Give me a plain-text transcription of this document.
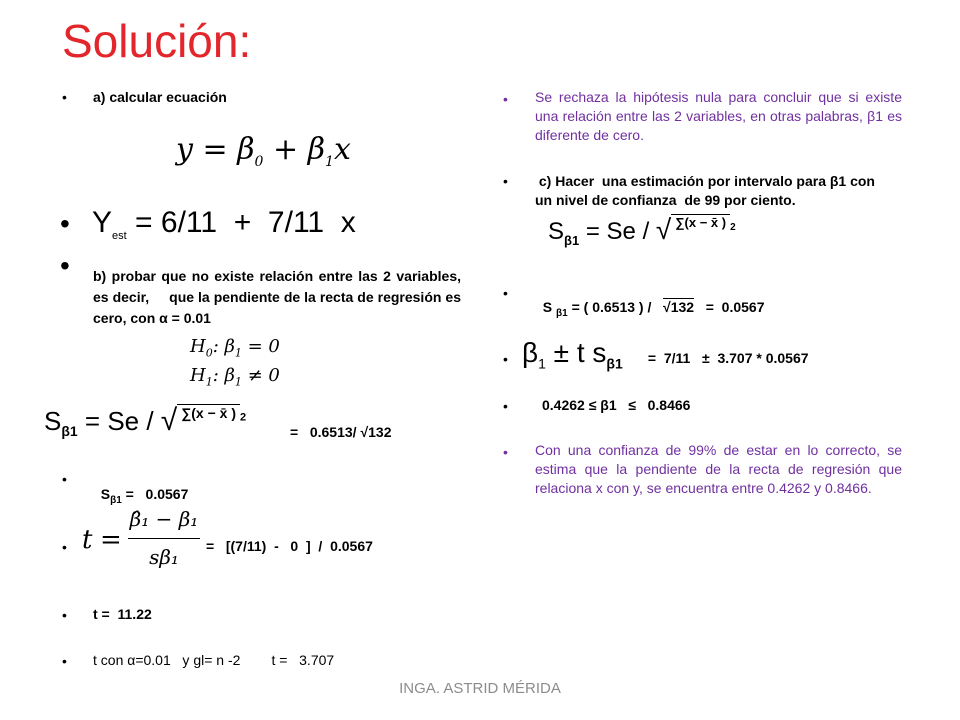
Solución:
• a) calcular ecuación
$y = \beta_0 + \beta_1x$
• $Y_{est} = 6/11 + 7/11$  x
• b) probar que no existe relación entre las 2 variables, es decir,     que la pendiente de la recta de regresión es cero, con α = 0.01
$H_0$: $\beta_1 = 0$
$H_1$: $\beta_1 \ne 0$
$S_{\beta 1} = Se$ / √ ∑(x − x̄ ) $^2$
=   0.6513/ √132
•

$S_{\beta 1} = 0.0567$

• t =
β̂₁ − β₁
sβ₁	=   [(7/11)  -   0  ]  /  0.0567
• t =  11.22
• t con α=0.01   y gl= n -2        t =   3.707
• Se rechaza la hipótesis nula para concluir que si existe una relación entre las 2 variables, en otras palabras, β1 es diferente de cero.
• c) Hacer  una estimación por intervalo para β1 con un nivel de confianza  de 99 por ciento.
$S_{\beta 1} = Se$ / √ ∑(x − x̄ ) $^2$
•

S $_{\beta 1}$ = ( 0.6513 ) /   √132   =  0.0567

• $\beta_1 \pm t$ $s_{\beta 1} = 7/11 \pm 3.707 * 0.0567$
• 0.4262 ≤ β1   ≤   0.8466
• Con una confianza de 99% de estar en lo correcto, se estima que la pendiente de la recta de regresión que relaciona x con y, se encuentra entre 0.4262 y 0.8466.
INGA. ASTRID MÉRIDA
